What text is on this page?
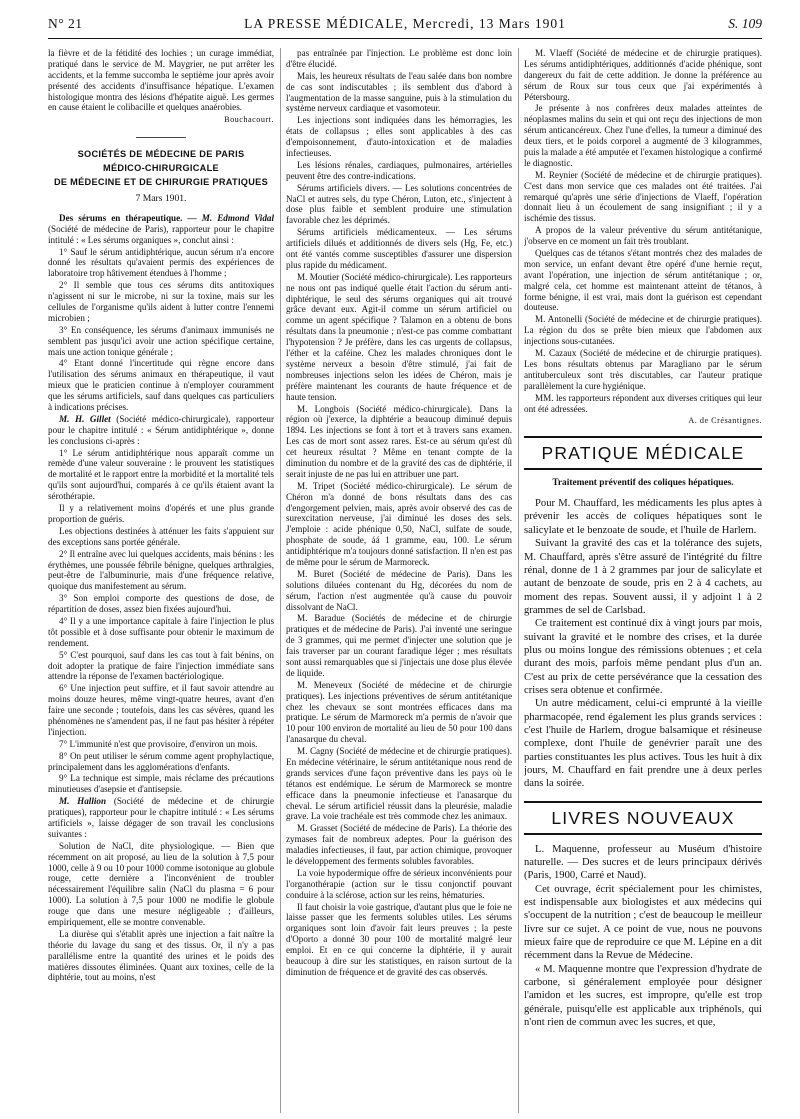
N° 21	LA PRESSE MÉDICALE, Mercredi, 13 Mars 1901	S. 109

la fièvre et de la fétidité des lochies ; un curage immédiat, pratiqué dans le service de M. Maygrier, ne put arrêter les accidents, et la femme succomba le septième jour après avoir présenté des accidents d'insuffisance hépatique. L'examen histologique montra des lésions d'hépatite aiguë. Les germes en cause étaient le colibacille et quelques anaérobies.

Bouchacourt.
SOCIÉTÉS DE MÉDECINE DE PARIS
MÉDICO-CHIRURGICALE
DE MÉDECINE ET DE CHIRURGIE PRATIQUES
7 Mars 1901.

Des sérums en thérapeutique. — M. Edmond Vidal (Société de médecine de Paris), rapporteur pour le chapitre intitulé : « Les sérums organiques », conclut ainsi :

1° Sauf le sérum antidiphtérique, aucun sérum n'a encore donné les résultats qu'avaient permis des expériences de laboratoire trop hâtivement étendues à l'homme ;

2° Il semble que tous ces sérums dits antitoxiques n'agissent ni sur le microbe, ni sur la toxine, mais sur les cellules de l'organisme qu'ils aident à lutter contre l'ennemi microbien ;

3° En conséquence, les sérums d'animaux immunisés ne semblent pas jusqu'ici avoir une action spécifique certaine, mais une action tonique générale ;

4° Etant donné l'incertitude qui règne encore dans l'utilisation des sérums animaux en thérapeutique, il vaut mieux que le praticien continue à n'employer couramment que les sérums artificiels, sauf dans quelques cas particuliers à indications précises.

M. H. Gillet (Société médico-chirurgicale), rapporteur pour le chapitre intitulé : « Sérum antidiphtérique », donne les conclusions ci-après :

1° Le sérum antidiphtérique nous apparaît comme un remède d'une valeur souveraine : le prouvent les statistiques de mortalité et le rapport entre la morbidité et la mortalité tels qu'ils sont aujourd'hui, comparés à ce qu'ils étaient avant la sérothérapie.

Il y a relativement moins d'opérés et une plus grande proportion de guéris.

Les objections destinées à atténuer les faits s'appuient sur des exceptions sans portée générale.

2° Il entraîne avec lui quelques accidents, mais bénins : les érythèmes, une poussée fébrile bénigne, quelques arthralgies, peut-être de l'albuminurie, mais d'une fréquence relative, quoique dus manifestement au sérum.

3° Son emploi comporte des questions de dose, de répartition de doses, assez bien fixées aujourd'hui.

4° Il y a une importance capitale à faire l'injection le plus tôt possible et à dose suffisante pour obtenir le maximum de rendement.

5° C'est pourquoi, sauf dans les cas tout à fait bénins, on doit adopter la pratique de faire l'injection immédiate sans attendre la réponse de l'examen bactériologique.

6° Une injection peut suffire, et il faut savoir attendre au moins douze heures, même vingt-quatre heures, avant d'en faire une seconde ; toutefois, dans les cas sévères, quand les phénomènes ne s'amendent pas, il ne faut pas hésiter à répéter l'injection.

7° L'immunité n'est que provisoire, d'environ un mois.

8° On peut utiliser le sérum comme agent prophylactique, principalement dans les agglomérations d'enfants.

9° La technique est simple, mais réclame des précautions minutieuses d'asepsie et d'antisepsie.

M. Hallion (Société de médecine et de chirurgie pratiques), rapporteur pour le chapitre intitulé : « Les sérums artificiels », laisse dégager de son travail les conclusions suivantes :

Solution de NaCl, dite physiologique. — Bien que récemment on ait proposé, au lieu de la solution à 7,5 pour 1000, celle à 9 ou 10 pour 1000 comme isotonique au globule rouge, cette dernière a l'inconvénient de troubler nécessairement l'équilibre salin (NaCl du plasma = 6 pour 1000). La solution à 7,5 pour 1000 ne modifie le globule rouge que dans une mesure négligeable ; d'ailleurs, empiriquement, elle se montre convenable.

La diurèse qui s'établit après une injection a fait naître la théorie du lavage du sang et des tissus. Or, il n'y a pas parallélisme entre la quantité des urines et le poids des matières dissoutes éliminées. Quant aux toxines, celle de la diphtérie, tout au moins, n'est

pas entraînée par l'injection. Le problème est donc loin d'être élucidé.

Mais, les heureux résultats de l'eau salée dans bon nombre de cas sont indiscutables ; ils semblent dus d'abord à l'augmentation de la masse sanguine, puis à la stimulation du système nerveux cardiaque et vasomoteur.

Les injections sont indiquées dans les hémorragies, les états de collapsus ; elles sont applicables à des cas d'empoisonnement, d'auto-intoxication et de maladies infectieuses.

Les lésions rénales, cardiaques, pulmonaires, artérielles peuvent être des contre-indications.

Sérums artificiels divers. — Les solutions concentrées de NaCl et autres sels, du type Chéron, Luton, etc., s'injectent à dose plus faible et semblent produire une stimulation favorable chez les déprimés.

Sérums artificiels médicamenteux. — Les sérums artificiels dilués et additionnés de divers sels (Hg, Fe, etc.) ont été vantés comme susceptibles d'assurer une dispersion plus rapide du médicament.

M. Moutier (Société médico-chirurgicale). Les rapporteurs ne nous ont pas indiqué quelle était l'action du sérum anti-diphtérique, le seul des sérums organiques qui ait trouvé grâce devant eux. Agit-il comme un sérum artificiel ou comme un agent spécifique ? Talamon en a obtenu de bons résultats dans la pneumonie ; n'est-ce pas comme combattant l'hypotension ? Je préfère, dans les cas urgents de collapsus, l'éther et la caféine. Chez les malades chroniques dont le système nerveux a besoin d'être stimulé, j'ai fait de nombreuses injections selon les idées de Chéron, mais je préfère maintenant les courants de haute fréquence et de haute tension.

M. Longbois (Société médico-chirurgicale). Dans la région où j'exerce, la diphtérie a beaucoup diminué depuis 1894. Les injections se font à tort et à travers sans examen. Les cas de mort sont assez rares. Est-ce au sérum qu'est dû cet heureux résultat ? Même en tenant compte de la diminution du nombre et de la gravité des cas de diphtérie, il serait injuste de ne pas lui en attribuer une part.

M. Tripet (Société médico-chirurgicale). Le sérum de Chéron m'a donné de bons résultats dans des cas d'engorgement pelvien, mais, après avoir observé des cas de surexcitation nerveuse, j'ai diminué les doses des sels. J'emploie : acide phénique 0,50, NaCl, sulfate de soude, phosphate de soude, áá 1 gramme, eau, 100. Le sérum antidiphtérique m'a toujours donné satisfaction. Il n'en est pas de même pour le sérum de Marmoreck.

M. Buret (Société de médecine de Paris). Dans les solutions diluées contenant du Hg, décorées du nom de sérum, l'action n'est augmentée qu'à cause du pouvoir dissolvant de NaCl.

M. Baradue (Sociétés de médecine et de chirurgie pratiques et de médecine de Paris). J'ai inventé une seringue de 3 grammes, qui me permet d'injecter une solution que je fais traverser par un courant faradique léger ; mes résultats sont aussi remarquables que si j'injectais une dose plus élevée de liquide.

M. Meneveux (Société de médecine et de chirurgie pratiques). Les injections préventives de sérum antitétanique chez les chevaux se sont montrées efficaces dans ma pratique. Le sérum de Marmoreck m'a permis de n'avoir que 10 pour 100 environ de mortalité au lieu de 50 pour 100 dans l'anasarque du cheval.

M. Cagny (Société de médecine et de chirurgie pratiques). En médecine vétérinaire, le sérum antitétanique nous rend de grands services d'une façon préventive dans les pays où le tétanos est endémique. Le sérum de Marmoreck se montre efficace dans la pneumonie infectieuse et l'anasarque du cheval. Le sérum artificiel réussit dans la pleurésie, maladie grave. La voie trachéale est très commode chez les animaux.

M. Grasset (Société de médecine de Paris). La théorie des zymases fait de nombreux adeptes. Pour la guérison des maladies infectieuses, il faut, par action chimique, provoquer le développement des ferments solubles favorables.

La voie hypodermique offre de sérieux inconvénients pour l'organothérapie (action sur le tissu conjonctif pouvant conduire à la sclérose, action sur les reins, hématuries.

Il faut choisir la voie gastrique, d'autant plus que le foie ne laisse passer que les ferments solubles utiles. Les sérums organiques sont loin d'avoir fait leurs preuves ; la peste d'Oporto a donné 30 pour 100 de mortalité malgré leur emploi. Et en ce qui concerne la diphtérie, il y aurait beaucoup à dire sur les statistiques, en raison surtout de la diminution de fréquence et de gravité des cas observés.

M. Vlaeff (Société de médecine et de chirurgie pratiques). Les sérums antidiphtériques, additionnés d'acide phénique, sont dangereux du fait de cette addition. Je donne la préférence au sérum de Roux sur tous ceux que j'ai expérimentés à Pétersbourg.

Je présente à nos confrères deux malades atteintes de néoplasmes malins du sein et qui ont reçu des injections de mon sérum anticancéreux. Chez l'une d'elles, la tumeur a diminué des deux tiers, et le poids corporel a augmenté de 3 kilogrammes, puis la malade a été amputée et l'examen histologique a confirmé le diagnostic.

M. Reynier (Société de médecine et de chirurgie pratiques). C'est dans mon service que ces malades ont été traitées. J'ai remarqué qu'après une série d'injections de Vlaeff, l'opération donnait lieu à un écoulement de sang insignifiant ; il y a ischémie des tissus.

A propos de la valeur préventive du sérum antitétanique, j'observe en ce moment un fait très troublant.

Quelques cas de tétanos s'étant montrés chez des malades de mon service, un enfant devant être opéré d'une hernie reçut, avant l'opération, une injection de sérum antitétanique ; or, malgré cela, cet homme est maintenant atteint de tétanos, à forme bénigne, il est vrai, mais dont la guérison est cependant douteuse.

M. Antonelli (Société de médecine et de chirurgie pratiques). La région du dos se prête bien mieux que l'abdomen aux injections sous-cutanées.

M. Cazaux (Société de médecine et de chirurgie pratiques). Les bons résultats obtenus par Maragliano par le sérum antituberculeux sont très discutables, car l'auteur pratique parallèlement la cure hygiénique.

MM. les rapporteurs répondent aux diverses critiques qui leur ont été adressées.

A. de Crésantignes.
PRATIQUE MÉDICALE
Traitement préventif des coliques hépatiques.

Pour M. Chauffard, les médicaments les plus aptes à prévenir les accès de coliques hépatiques sont le salicylate et le benzoate de soude, et l'huile de Harlem.

Suivant la gravité des cas et la tolérance des sujets, M. Chauffard, après s'être assuré de l'intégrité du filtre rénal, donne de 1 à 2 grammes par jour de salicylate et autant de benzoate de soude, pris en 2 à 4 cachets, au moment des repas. Souvent aussi, il y adjoint 1 à 2 grammes de sel de Carlsbad.

Ce traitement est continué dix à vingt jours par mois, suivant la gravité et le nombre des crises, et la durée plus ou moins longue des rémissions obtenues ; et cela durant des mois, parfois même pendant plus d'un an. C'est au prix de cette persévérance que la cessation des crises sera obtenue et confirmée.

Un autre médicament, celui-ci emprunté à la vieille pharmacopée, rend également les plus grands services : c'est l'huile de Harlem, drogue balsamique et résineuse complexe, dont l'huile de genévrier paraît une des parties constituantes les plus actives. Tous les huit à dix jours, M. Chauffard en fait prendre une à deux perles dans la soirée.

LIVRES NOUVEAUX

L. Maquenne, professeur au Muséum d'histoire naturelle. — Des sucres et de leurs principaux dérivés (Paris, 1900, Carré et Naud).

Cet ouvrage, écrit spécialement pour les chimistes, est indispensable aux biologistes et aux médecins qui s'occupent de la nutrition ; c'est de beaucoup le meilleur livre sur ce sujet. A ce point de vue, nous ne pouvons mieux faire que de reproduire ce que M. Lépine en a dit récemment dans la Revue de Médecine.

« M. Maquenne montre que l'expression d'hydrate de carbone, si généralement employée pour désigner l'amidon et les sucres, est impropre, qu'elle est trop générale, puisqu'elle est applicable aux triphénols, qui n'ont rien de commun avec les sucres, et que,
